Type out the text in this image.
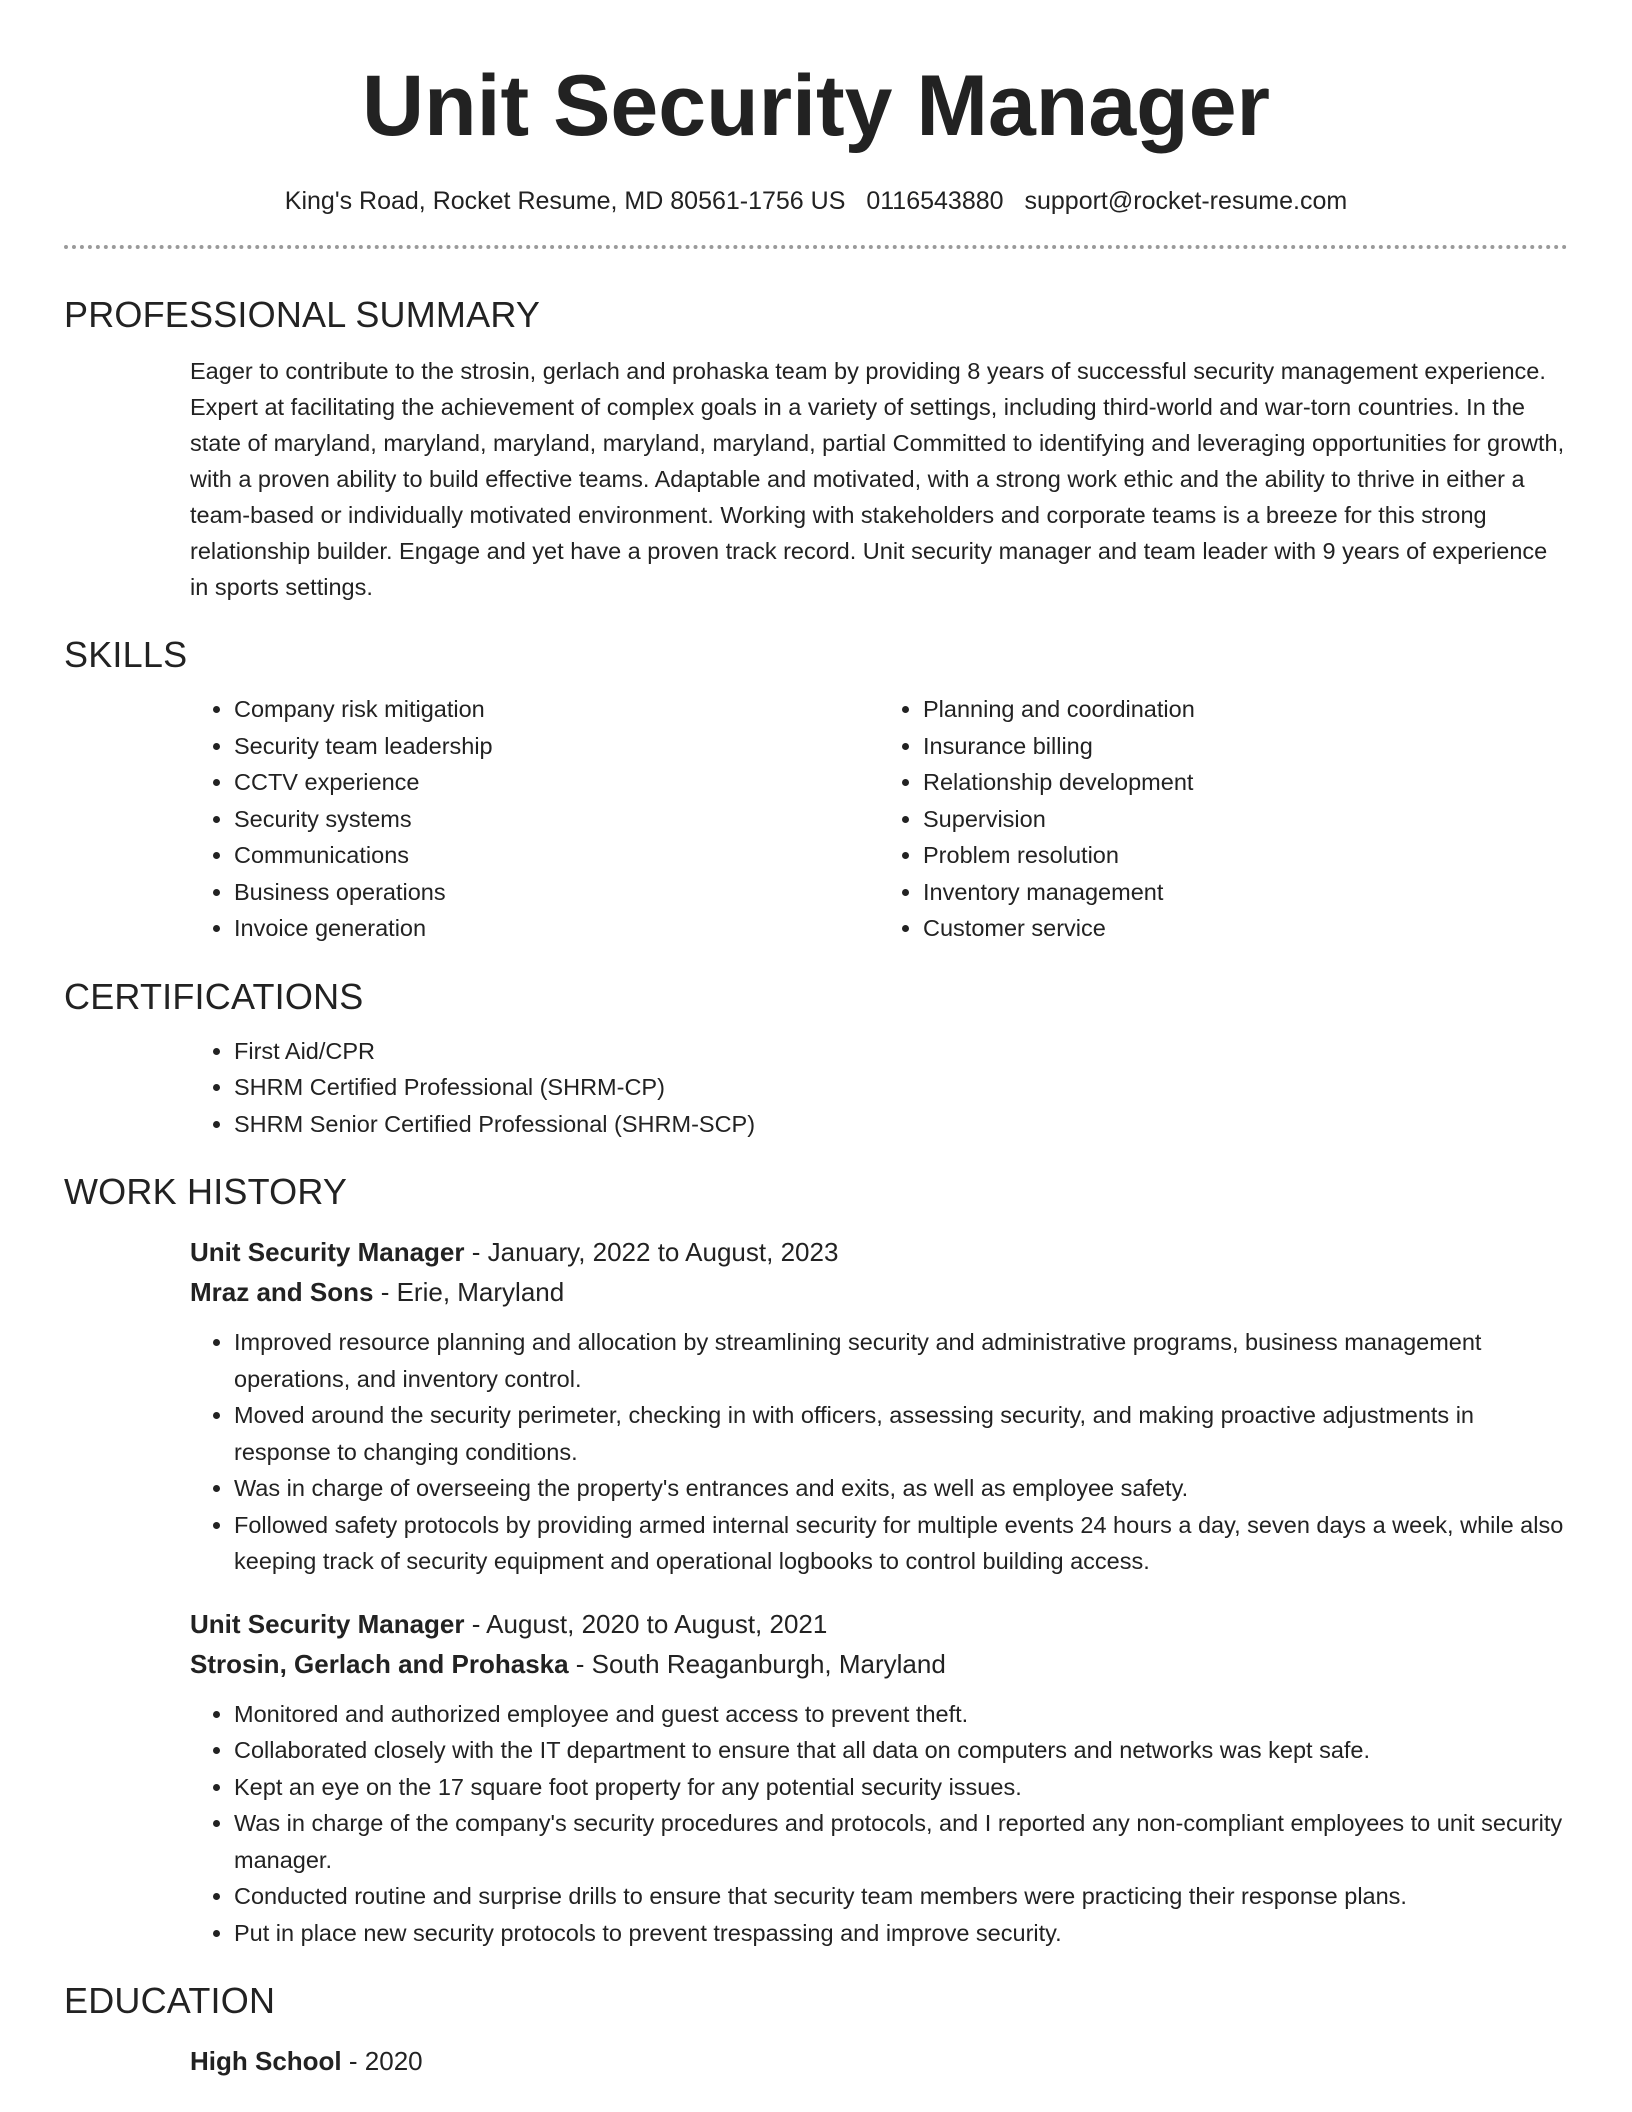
Unit Security Manager
King's Road, Rocket Resume, MD 80561-1756 US 0116543880 support@rocket-resume.com
PROFESSIONAL SUMMARY

Eager to contribute to the strosin, gerlach and prohaska team by providing 8 years of successful security management experience. Expert at facilitating the achievement of complex goals in a variety of settings, including third-world and war-torn countries. In the state of maryland, maryland, maryland, maryland, maryland, partial Committed to identifying and leveraging opportunities for growth, with a proven ability to build effective teams. Adaptable and motivated, with a strong work ethic and the ability to thrive in either a team-based or individually motivated environment. Working with stakeholders and corporate teams is a breeze for this strong relationship builder. Engage and yet have a proven track record. Unit security manager and team leader with 9 years of experience in sports settings.

SKILLS
• Company risk mitigation
• Security team leadership
• CCTV experience
• Security systems
• Communications
• Business operations
• Invoice generation
• Planning and coordination
• Insurance billing
• Relationship development
• Supervision
• Problem resolution
• Inventory management
• Customer service
CERTIFICATIONS
• First Aid/CPR
• SHRM Certified Professional (SHRM-CP)
• SHRM Senior Certified Professional (SHRM-SCP)
WORK HISTORY
Unit Security Manager - January, 2022 to August, 2023
Mraz and Sons - Erie, Maryland
• Improved resource planning and allocation by streamlining security and administrative programs, business management operations, and inventory control.
• Moved around the security perimeter, checking in with officers, assessing security, and making proactive adjustments in response to changing conditions.
• Was in charge of overseeing the property's entrances and exits, as well as employee safety.
• Followed safety protocols by providing armed internal security for multiple events 24 hours a day, seven days a week, while also keeping track of security equipment and operational logbooks to control building access.
Unit Security Manager - August, 2020 to August, 2021
Strosin, Gerlach and Prohaska - South Reaganburgh, Maryland
• Monitored and authorized employee and guest access to prevent theft.
• Collaborated closely with the IT department to ensure that all data on computers and networks was kept safe.
• Kept an eye on the 17 square foot property for any potential security issues.
• Was in charge of the company's security procedures and protocols, and I reported any non-compliant employees to unit security manager.
• Conducted routine and surprise drills to ensure that security team members were practicing their response plans.
• Put in place new security protocols to prevent trespassing and improve security.
EDUCATION
High School - 2020
